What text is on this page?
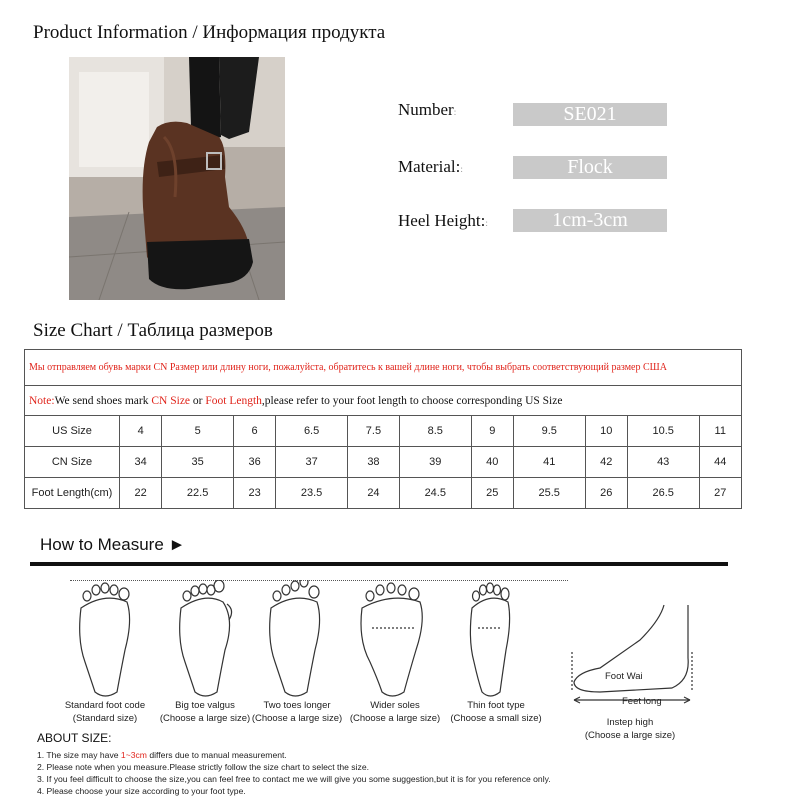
Product Information / Информация продукта
Number:	SE021
Material::	Flock
Heel Height::	1cm-3cm
Size Chart / Таблица размеров
Мы отправляем обувь марки CN Размер или длину ноги, пожалуйста, обратитесь к вашей длине ноги, чтобы выбрать соответствующий размер США											
Note:We send shoes mark CN Size or Foot Length,please refer to your foot length to choose corresponding US Size											
US Size	4	5	6	6.5	7.5	8.5	9	9.5	10	10.5	11
CN Size	34	35	36	37	38	39	40	41	42	43	44
Foot Length(cm)	22	22.5	23	23.5	24	24.5	25	25.5	26	26.5	27
How to Measure ►
Foot Wai
Feet long
Standard foot code
(Standard size)
Big toe valgus
(Choose a large size)
Two toes longer
(Choose a large size)
Wider soles
(Choose a large size)
Thin foot type
(Choose a small size)	Instep high
(Choose a large size)
ABOUT SIZE:
1. The size may have 1~3cm differs due to manual measurement.
2. Please note when you measure.Please strictly follow the size chart to select the size.
3. If you feel difficult to choose the size,you can feel free to contact me we will give you some suggestion,but it is for you reference only.
4. Please choose your size according to your foot type.
